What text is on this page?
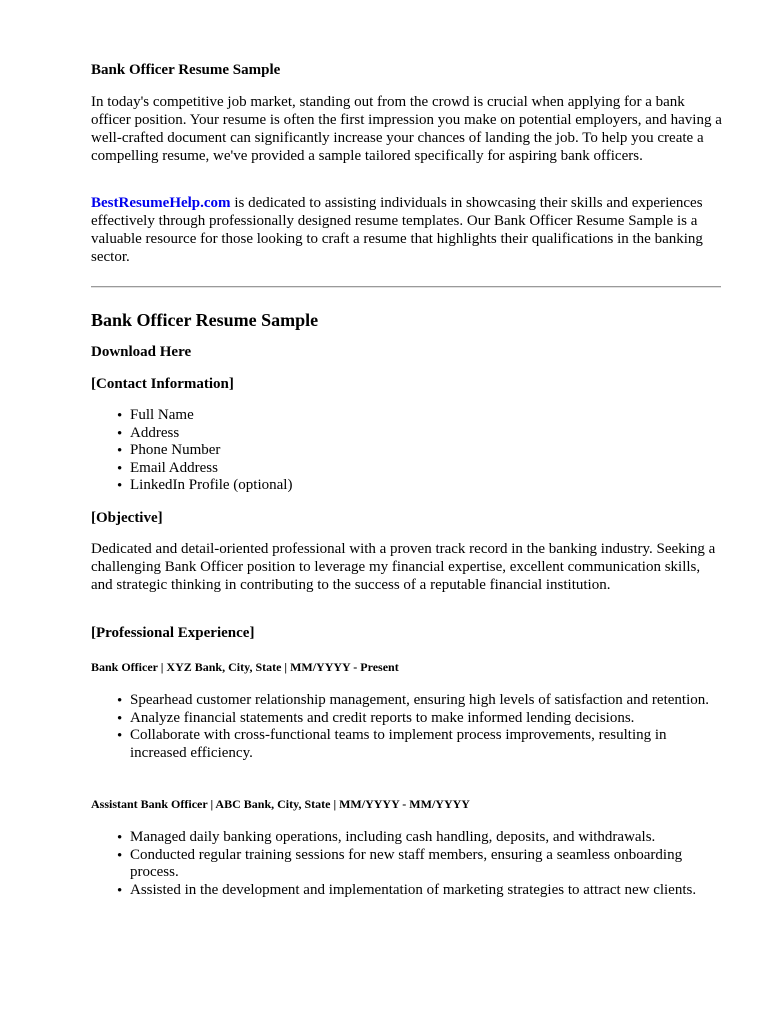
Bank Officer Resume Sample

In today's competitive job market, standing out from the crowd is crucial when applying for a bank officer position. Your resume is often the first impression you make on potential employers, and having a well-crafted document can significantly increase your chances of landing the job. To help you create a compelling resume, we've provided a sample tailored specifically for aspiring bank officers.

BestResumeHelp.com is dedicated to assisting individuals in showcasing their skills and experiences effectively through professionally designed resume templates. Our Bank Officer Resume Sample is a valuable resource for those looking to craft a resume that highlights their qualifications in the banking sector.

Bank Officer Resume Sample
Download Here
[Contact Information]
• Full Name
• Address
• Phone Number
• Email Address
• LinkedIn Profile (optional)
[Objective]

Dedicated and detail-oriented professional with a proven track record in the banking industry. Seeking a challenging Bank Officer position to leverage my financial expertise, excellent communication skills, and strategic thinking in contributing to the success of a reputable financial institution.

[Professional Experience]
Bank Officer | XYZ Bank, City, State | MM/YYYY - Present
• Spearhead customer relationship management, ensuring high levels of satisfaction and retention.
• Analyze financial statements and credit reports to make informed lending decisions.
• Collaborate with cross-functional teams to implement process improvements, resulting in increased efficiency.
Assistant Bank Officer | ABC Bank, City, State | MM/YYYY - MM/YYYY
• Managed daily banking operations, including cash handling, deposits, and withdrawals.
• Conducted regular training sessions for new staff members, ensuring a seamless onboarding process.
• Assisted in the development and implementation of marketing strategies to attract new clients.
